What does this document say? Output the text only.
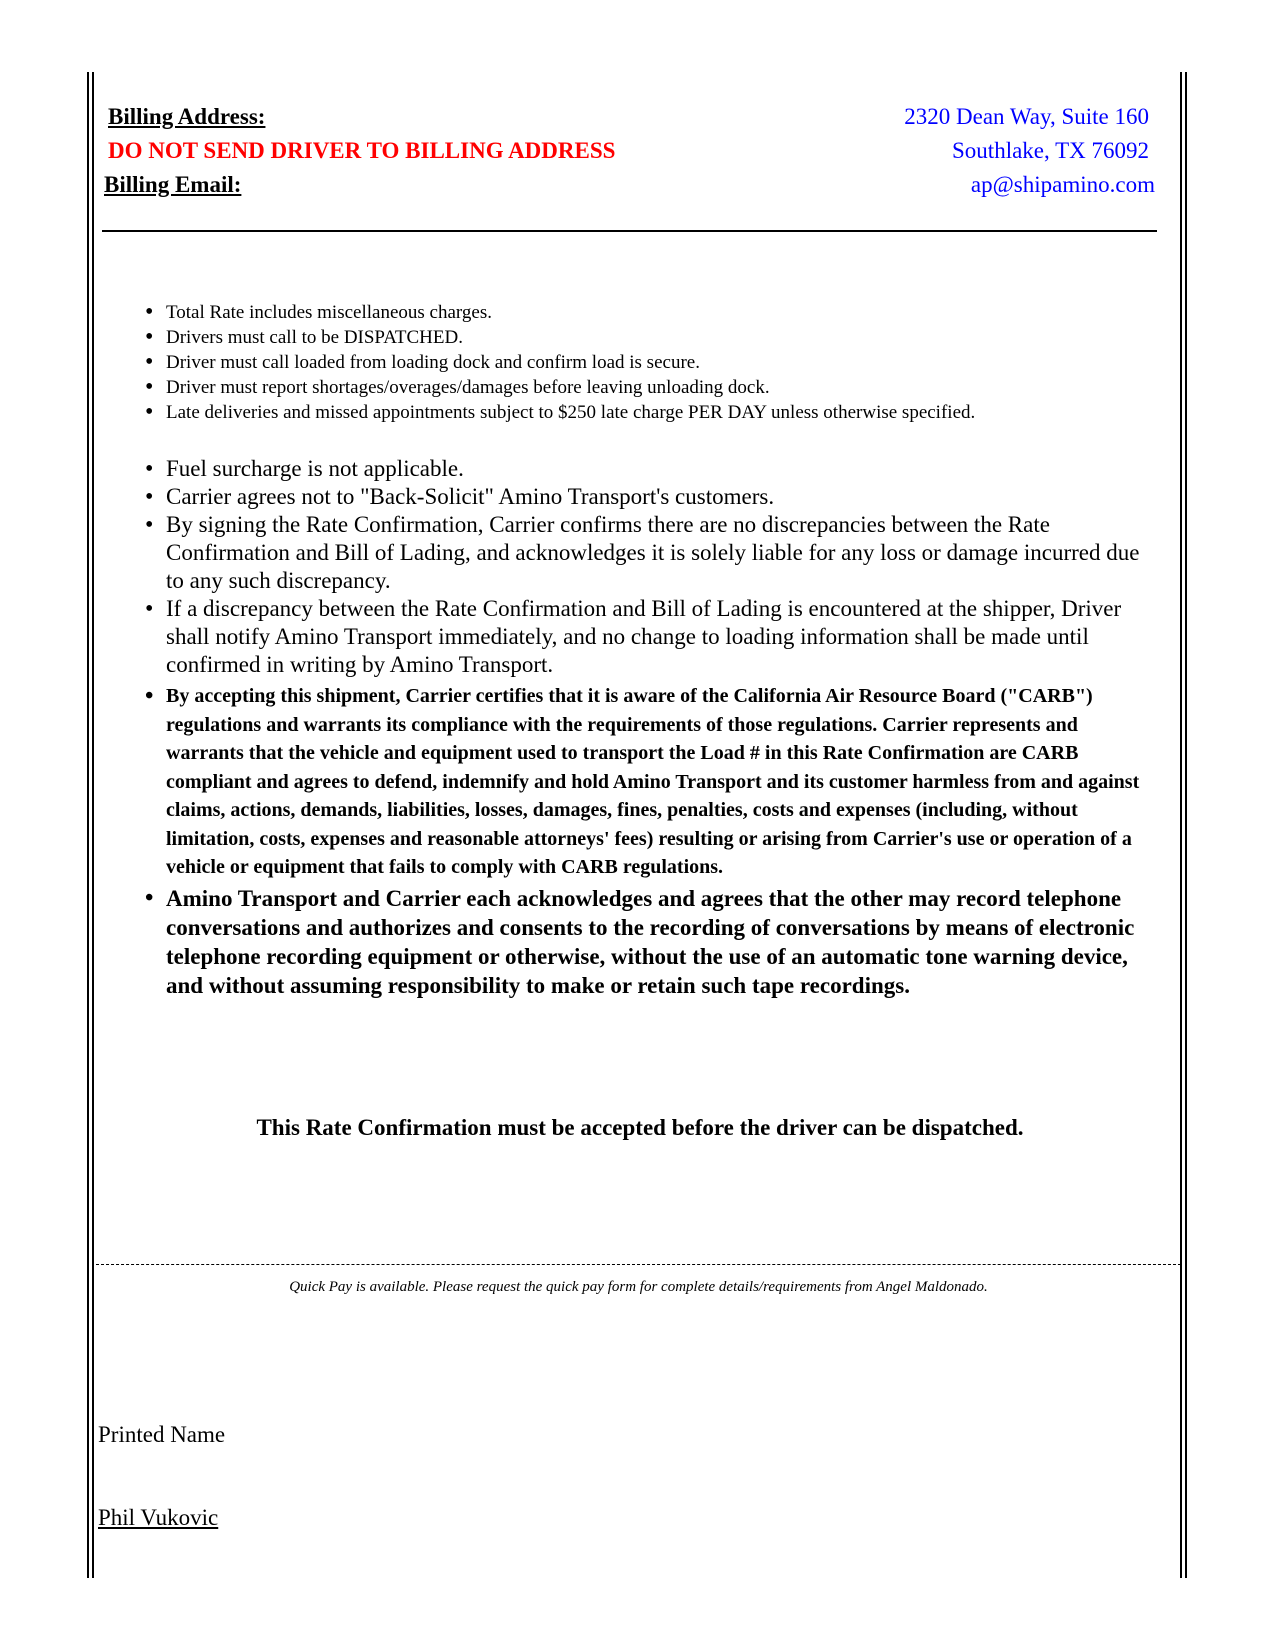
Billing Address:	2320 Dean Way, Suite 160
DO NOT SEND DRIVER TO BILLING ADDRESS	Southlake, TX 76092
Billing Email:	ap@shipamino.com
• Total Rate includes miscellaneous charges.
• Drivers must call to be DISPATCHED.
• Driver must call loaded from loading dock and confirm load is secure.
• Driver must report shortages/overages/damages before leaving unloading dock.
• Late deliveries and missed appointments subject to $250 late charge PER DAY unless otherwise specified.
• Fuel surcharge is not applicable.
• Carrier agrees not to "Back-Solicit" Amino Transport's customers.
• By signing the Rate Confirmation, Carrier confirms there are no discrepancies between the Rate Confirmation and Bill of Lading, and acknowledges it is solely liable for any loss or damage incurred due to any such discrepancy.
• If a discrepancy between the Rate Confirmation and Bill of Lading is encountered at the shipper, Driver shall notify Amino Transport immediately, and no change to loading information shall be made until confirmed in writing by Amino Transport.
• By accepting this shipment, Carrier certifies that it is aware of the California Air Resource Board ("CARB") regulations and warrants its compliance with the requirements of those regulations. Carrier represents and warrants that the vehicle and equipment used to transport the Load # in this Rate Confirmation are CARB compliant and agrees to defend, indemnify and hold Amino Transport and its customer harmless from and against claims, actions, demands, liabilities, losses, damages, fines, penalties, costs and expenses (including, without limitation, costs, expenses and reasonable attorneys' fees) resulting or arising from Carrier's use or operation of a vehicle or equipment that fails to comply with CARB regulations.
• Amino Transport and Carrier each acknowledges and agrees that the other may record telephone conversations and authorizes and consents to the recording of conversations by means of electronic telephone recording equipment or otherwise, without the use of an automatic tone warning device, and without assuming responsibility to make or retain such tape recordings.
This Rate Confirmation must be accepted before the driver can be dispatched.
Quick Pay is available. Please request the quick pay form for complete details/requirements from Angel Maldonado.
Printed Name
Phil Vukovic
